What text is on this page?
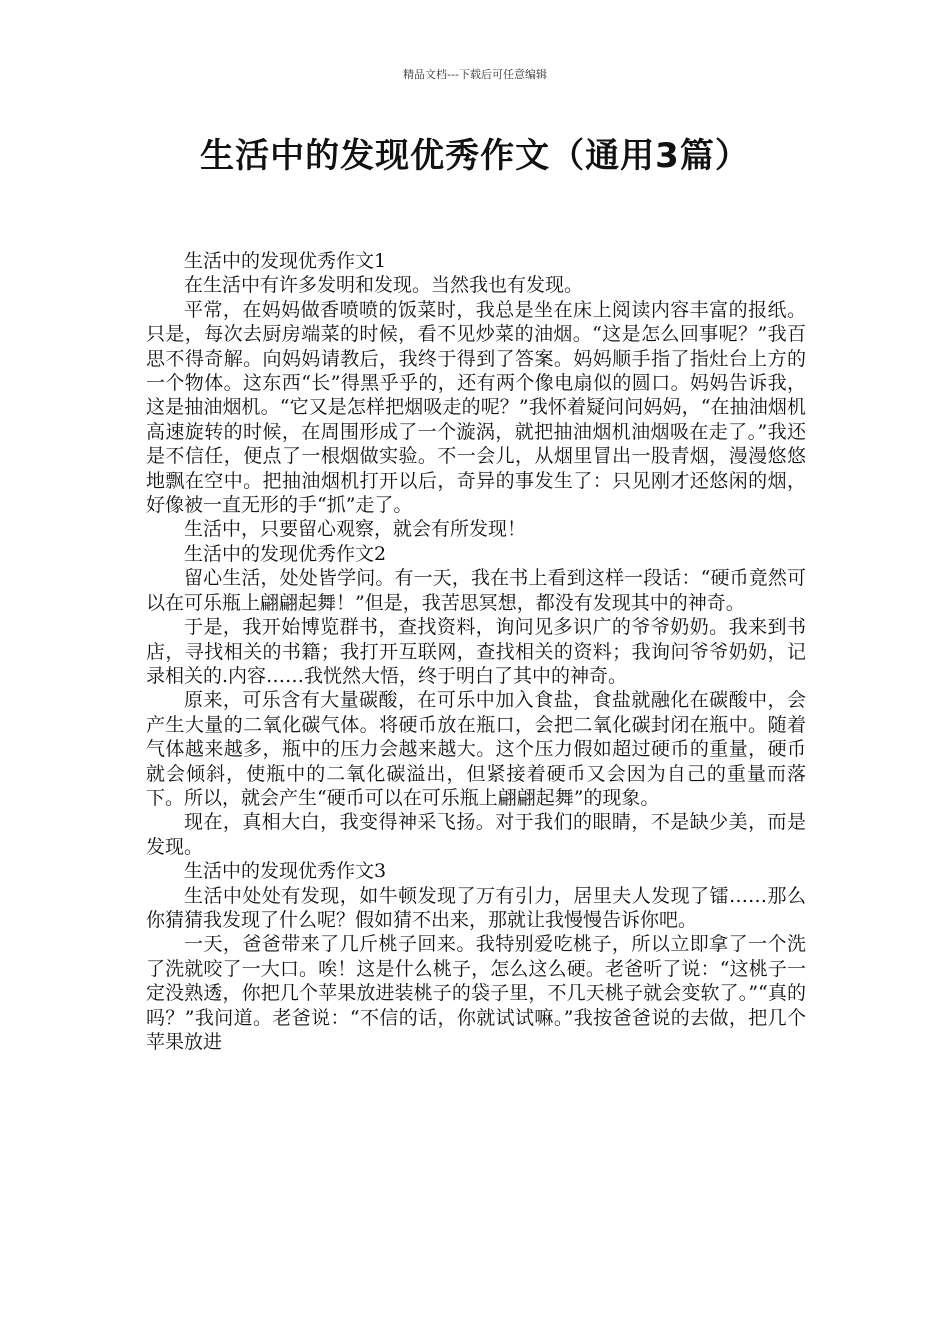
精品文档---下载后可任意编辑
生活中的发现优秀作文（通用3篇）
生活中的发现优秀作文1

在生活中有许多发明和发现。当然我也有发现。

平常，在妈妈做香喷喷的饭菜时，我总是坐在床上阅读内容丰富的报纸。只是，每次去厨房端菜的时候，看不见炒菜的油烟。“这是怎么回事呢？”我百思不得奇解。向妈妈请教后，我终于得到了答案。妈妈顺手指了指灶台上方的一个物体。这东西“长”得黑乎乎的，还有两个像电扇似的圆口。妈妈告诉我，这是抽油烟机。“它又是怎样把烟吸走的呢？”我怀着疑问问妈妈，“在抽油烟机高速旋转的时候，在周围形成了一个漩涡，就把抽油烟机油烟吸在走了。”我还是不信任，便点了一根烟做实验。不一会儿，从烟里冒出一股青烟，漫漫悠悠地飘在空中。把抽油烟机打开以后，奇异的事发生了：只见刚才还悠闲的烟，好像被一直无形的手“抓”走了。

生活中，只要留心观察，就会有所发现！

生活中的发现优秀作文2

留心生活，处处皆学问。有一天，我在书上看到这样一段话：“硬币竟然可以在可乐瓶上翩翩起舞！”但是，我苦思冥想，都没有发现其中的神奇。

于是，我开始博览群书，查找资料，询问见多识广的爷爷奶奶。我来到书店，寻找相关的书籍；我打开互联网，查找相关的资料；我询问爷爷奶奶，记录相关的.内容……我恍然大悟，终于明白了其中的神奇。

原来，可乐含有大量碳酸，在可乐中加入食盐，食盐就融化在碳酸中，会产生大量的二氧化碳气体。将硬币放在瓶口，会把二氧化碳封闭在瓶中。随着气体越来越多，瓶中的压力会越来越大。这个压力假如超过硬币的重量，硬币就会倾斜，使瓶中的二氧化碳溢出，但紧接着硬币又会因为自己的重量而落下。所以，就会产生“硬币可以在可乐瓶上翩翩起舞”的现象。

现在，真相大白，我变得神采飞扬。对于我们的眼睛，不是缺少美，而是发现。

生活中的发现优秀作文3

生活中处处有发现，如牛顿发现了万有引力，居里夫人发现了镭……那么你猜猜我发现了什么呢？假如猜不出来，那就让我慢慢告诉你吧。

一天，爸爸带来了几斤桃子回来。我特别爱吃桃子，所以立即拿了一个洗了洗就咬了一大口。唉！这是什么桃子，怎么这么硬。老爸听了说：“这桃子一定没熟透，你把几个苹果放进装桃子的袋子里，不几天桃子就会变软了。”“真的吗？”我问道。老爸说：“不信的话，你就试试嘛。”我按爸爸说的去做，把几个苹果放进
